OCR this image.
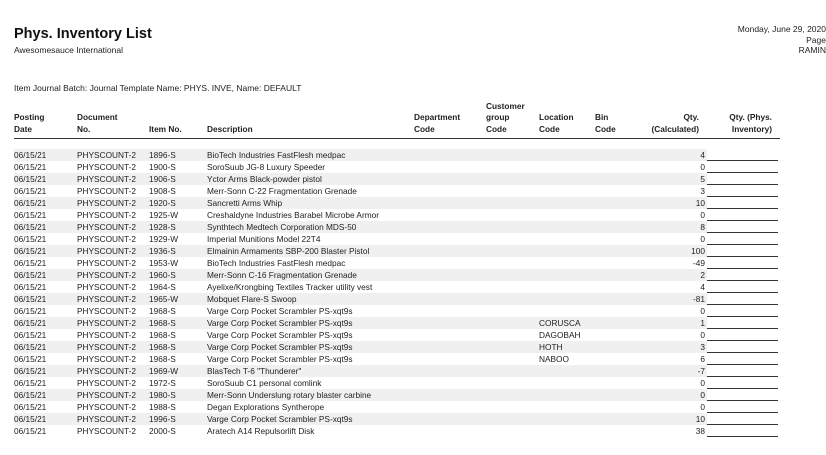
Phys. Inventory List
Awesomesauce International
Monday, June 29, 2020
Page
RAMIN
Item Journal Batch: Journal Template Name: PHYS. INVE, Name: DEFAULT
Posting
Date	Document
No.	Item No.	Description	Department
Code	Customer
group
Code	Location
Code	Bin
Code	Qty.
(Calculated)	Qty. (Phys.
Inventory)

06/15/21	PHYSCOUNT-2	1896-S	BioTech Industries FastFlesh medpac					4	

06/15/21	PHYSCOUNT-2	1900-S	SoroSuub JG-8 Luxury Speeder					0	

06/15/21	PHYSCOUNT-2	1906-S	Yctor Arms Black-powder pistol					5	

06/15/21	PHYSCOUNT-2	1908-S	Merr-Sonn C-22 Fragmentation Grenade					3	

06/15/21	PHYSCOUNT-2	1920-S	Sancretti Arms Whip					10	

06/15/21	PHYSCOUNT-2	1925-W	Creshaldyne Industries Barabel Microbe Armor					0	

06/15/21	PHYSCOUNT-2	1928-S	Synthtech Medtech Corporation MDS-50					8	

06/15/21	PHYSCOUNT-2	1929-W	Imperial Munitions Model 22T4					0	

06/15/21	PHYSCOUNT-2	1936-S	Elmainin Armaments SBP-200 Blaster Pistol					100	

06/15/21	PHYSCOUNT-2	1953-W	BioTech Industries FastFlesh medpac					-49	

06/15/21	PHYSCOUNT-2	1960-S	Merr-Sonn C-16 Fragmentation Grenade					2	

06/15/21	PHYSCOUNT-2	1964-S	Ayelixe/Krongbing Textiles Tracker utility vest					4	

06/15/21	PHYSCOUNT-2	1965-W	Mobquet Flare-S Swoop					-81	

06/15/21	PHYSCOUNT-2	1968-S	Varge Corp Pocket Scrambler PS-xqt9s					0	

06/15/21	PHYSCOUNT-2	1968-S	Varge Corp Pocket Scrambler PS-xqt9s			CORUSCA		1	

06/15/21	PHYSCOUNT-2	1968-S	Varge Corp Pocket Scrambler PS-xqt9s			DAGOBAH		0	

06/15/21	PHYSCOUNT-2	1968-S	Varge Corp Pocket Scrambler PS-xqt9s			HOTH		3	

06/15/21	PHYSCOUNT-2	1968-S	Varge Corp Pocket Scrambler PS-xqt9s			NABOO		6	

06/15/21	PHYSCOUNT-2	1969-W	BlasTech T-6 "Thunderer"					-7	

06/15/21	PHYSCOUNT-2	1972-S	SoroSuub C1 personal comlink					0	

06/15/21	PHYSCOUNT-2	1980-S	Merr-Sonn Underslung rotary blaster carbine					0	

06/15/21	PHYSCOUNT-2	1988-S	Degan Explorations Syntherope					0	

06/15/21	PHYSCOUNT-2	1996-S	Varge Corp Pocket Scrambler PS-xqt9s					10	

06/15/21	PHYSCOUNT-2	2000-S	Aratech A14 Repulsorlift Disk					38	
